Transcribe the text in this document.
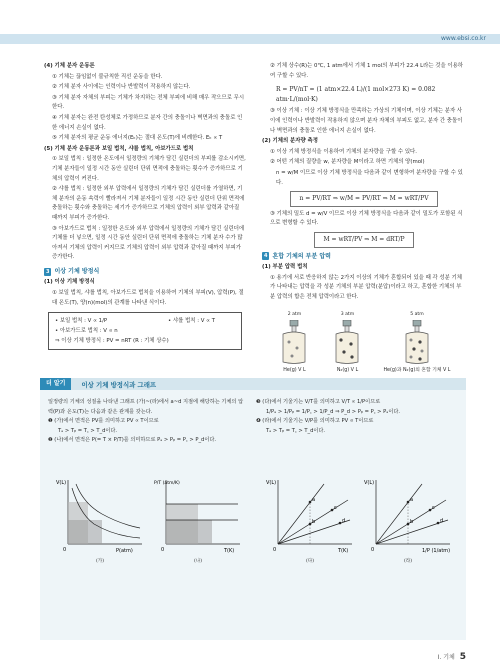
www.ebsi.co.kr
(4) 기체 분자 운동론
① 기체는 끊임없이 불규칙한 직선 운동을 한다.
② 기체 분자 사이에는 인력이나 반발력이 작용하지 않는다.
③ 기체 분자 자체의 부피는 기체가 차지하는 전체 부피에 비해 매우 작으므로 무시한다.
④ 기체 분자는 완전 탄성체로 가정하므로 분자 간의 충돌이나 벽면과의 충돌로 인한 에너지 손실이 없다.
⑤ 기체 분자의 평균 운동 에너지(Eₖ)는 절대 온도(T)에 비례한다. Eₖ ∝ T
(5) 기체 분자 운동론과 보일 법칙, 샤를 법칙, 아보가드로 법칙
① 보일 법칙 : 일정한 온도에서 일정량의 기체가 담긴 실린더의 부피를 감소시키면, 기체 분자들이 일정 시간 동안 실린더 단위 면적에 충돌하는 횟수가 증가하므로 기체의 압력이 커진다.
② 샤를 법칙 : 일정한 외부 압력에서 일정량의 기체가 담긴 실린더를 가열하면, 기체 분자의 운동 속력이 빨라져서 기체 분자들이 일정 시간 동안 실린더 단위 면적에 충돌하는 횟수와 충돌하는 세기가 증가하므로 기체의 압력이 외부 압력과 같아질 때까지 부피가 증가한다.
③ 아보가드로 법칙 : 일정한 온도와 외부 압력에서 일정량의 기체가 담긴 실린더에 기체를 더 넣으면, 일정 시간 동안 실린더 단위 면적에 충돌하는 기체 분자 수가 많아져서 기체의 압력이 커지므로 기체의 압력이 외부 압력과 같아질 때까지 부피가 증가한다.
3 이상 기체 방정식
(1) 이상 기체 방정식
① 보일 법칙, 샤를 법칙, 아보가드로 법칙을 이용하여 기체의 부피(V), 압력(P), 절대 온도(T), 양(n)(mol)의 관계를 나타낸 식이다.
• 보일 법칙 : V ∝ 1/P	• 샤를 법칙 : V ∝ T
• 아보가드로 법칙 : V ∝ n
⇒ 이상 기체 방정식 : PV = nRT (R : 기체 상수)
② 기체 상수(R)는 0℃, 1 atm에서 기체 1 mol의 부피가 22.4 L라는 것을 이용하여 구할 수 있다.
R = PV/nT = (1 atm×22.4 L)/(1 mol×273 K) = 0.082 atm·L/(mol·K)
③ 이상 기체 : 이상 기체 방정식을 만족하는 가상의 기체이며, 이상 기체는 분자 사이에 인력이나 반발력이 작용하지 않으며 분자 자체의 부피도 없고, 분자 간 충돌이나 벽면과의 충돌로 인한 에너지 손실이 없다.
(2) 기체의 분자량 측정
① 이상 기체 방정식을 이용하여 기체의 분자량을 구할 수 있다.
② 어떤 기체의 질량을 w, 분자량을 M이라고 하면 기체의 양(mol)
n = w/M 이므로 이상 기체 방정식을 다음과 같이 변형하여 분자량을 구할 수 있다.
n = PV/RT ⇒ w/M = PV/RT ⇒ M = wRT/PV
③ 기체의 밀도 d = w/V 이므로 이상 기체 방정식을 다음과 같이 밀도가 포함된 식으로 변형할 수 있다.
M = wRT/PV ⇒ M = dRT/P
4 혼합 기체의 부분 압력
(1) 부분 압력 법칙
① 용기에 서로 반응하지 않는 2가지 이상의 기체가 혼합되어 있을 때 각 성분 기체가 나타내는 압력을 각 성분 기체의 부분 압력(분압)이라고 하고, 혼합한 기체의 부분 압력의 합은 전체 압력이라고 한다.
2 atm
He(g) V L
3 atm
N₂(g) V L
5 atm
He(g)과 N₂(g)의 혼합 기체 V L
더 알기	이상 기체 방정식과 그래프
일정량의 기체의 성질을 나타낸 그래프 (가)~(라)에서 a~d 지점에 해당하는 기체의 압력(P)과 온도(T)는 다음과 같은 관계를 갖는다.
❶ (가)에서 면적은 PV를 의미하고 PV ∝ T이므로
Tₐ > Tᵦ = T꜀ > T_d이다.
❷ (나)에서 면적은 P(= T × P/T)를 의미하므로 Pₐ > Pᵦ = P꜀ > P_d이다.
❸ (다)에서 기울기는 V/T를 의미하고 V/T ∝ 1/P이므로
1/Pₐ > 1/Pᵦ = 1/P꜀ > 1/P_d ⇒ P_d > Pᵦ = P꜀ > Pₐ이다.
❹ (라)에서 기울기는 V/P를 의미하고 PV ∝ T이므로
Tₐ > Tᵦ = T꜀ > T_d이다.
V(L)
P(atm)
0
(가)
P/T (atm/K)
T(K)
0
(나)
a
b
c
d
V(L)
T(K)
0
(다)
a
b
c
d
V(L)
1/P (1/atm)
0
(라)
Ⅰ. 기체 5
